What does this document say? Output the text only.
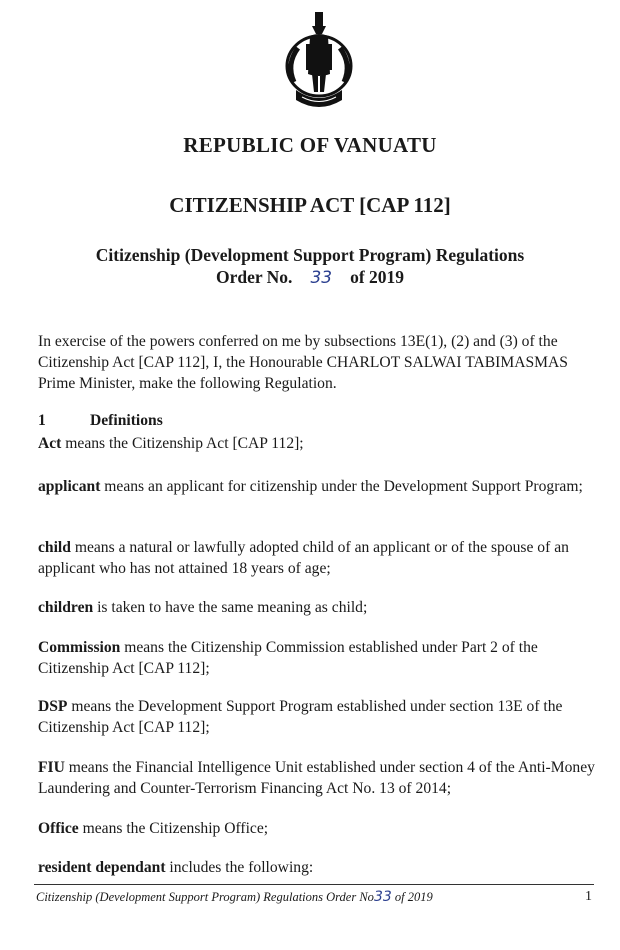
REPUBLIC OF VANUATU
CITIZENSHIP ACT [CAP 112]
Citizenship (Development Support Program) Regulations
Order No. 33 of 2019

In exercise of the powers conferred on me by subsections 13E(1), (2) and (3) of the Citizenship Act [CAP 112], I, the Honourable CHARLOT SALWAI TABIMASMAS Prime Minister, make the following Regulation.

1	Definitions

Act means the Citizenship Act [CAP 112];

applicant means an applicant for citizenship under the Development Support Program;

child means a natural or lawfully adopted child of an applicant or of the spouse of an applicant who has not attained 18 years of age;

children is taken to have the same meaning as child;

Commission means the Citizenship Commission established under Part 2 of the Citizenship Act [CAP 112];

DSP means the Development Support Program established under section 13E of the Citizenship Act [CAP 112];

FIU means the Financial Intelligence Unit established under section 4 of the Anti-Money Laundering and Counter-Terrorism Financing Act No. 13 of 2014;

Office means the Citizenship Office;

resident dependant includes the following:

Citizenship (Development Support Program) Regulations Order No33 of 2019	1
